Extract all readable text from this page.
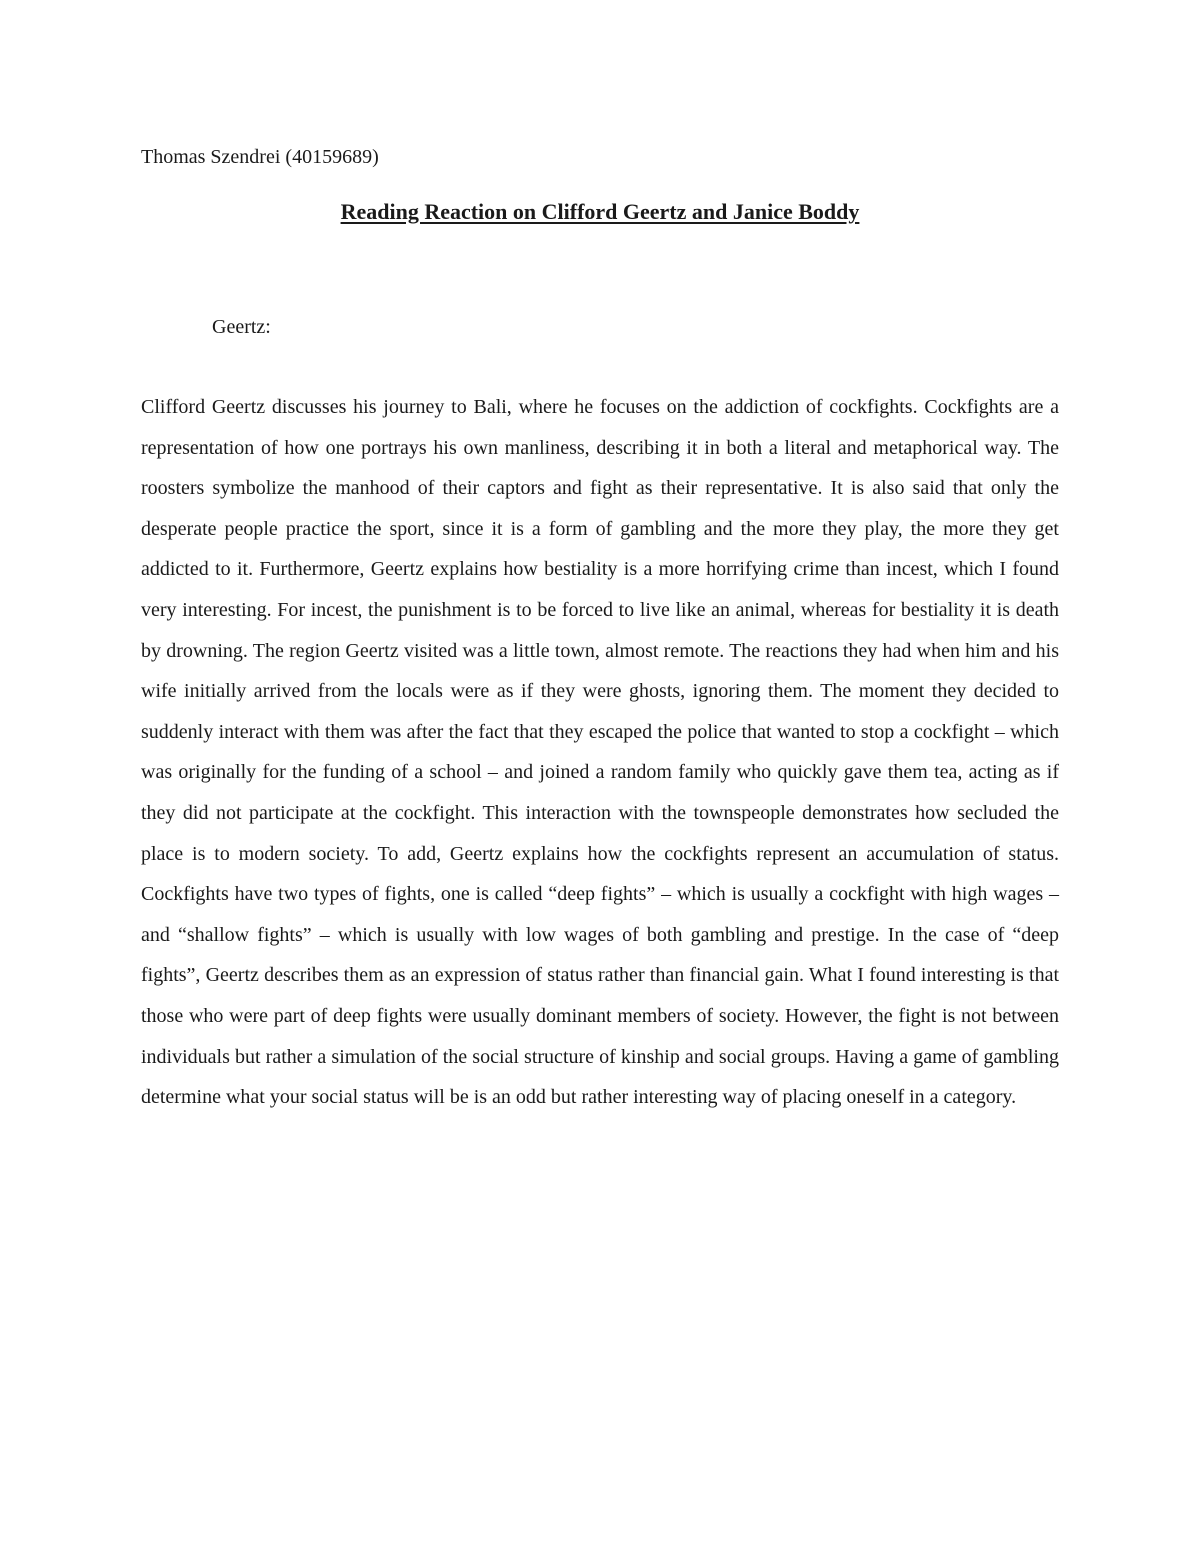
Thomas Szendrei (40159689)
Reading Reaction on Clifford Geertz and Janice Boddy
Geertz:

Clifford Geertz discusses his journey to Bali, where he focuses on the addiction of cockfights. Cockfights are a representation of how one portrays his own manliness, describing it in both a literal and metaphorical way. The roosters symbolize the manhood of their captors and fight as their representative. It is also said that only the desperate people practice the sport, since it is a form of gambling and the more they play, the more they get addicted to it. Furthermore, Geertz explains how bestiality is a more horrifying crime than incest, which I found very interesting. For incest, the punishment is to be forced to live like an animal, whereas for bestiality it is death by drowning. The region Geertz visited was a little town, almost remote. The reactions they had when him and his wife initially arrived from the locals were as if they were ghosts, ignoring them. The moment they decided to suddenly interact with them was after the fact that they escaped the police that wanted to stop a cockfight – which was originally for the funding of a school – and joined a random family who quickly gave them tea, acting as if they did not participate at the cockfight. This interaction with the townspeople demonstrates how secluded the place is to modern society. To add, Geertz explains how the cockfights represent an accumulation of status. Cockfights have two types of fights, one is called “deep fights” – which is usually a cockfight with high wages – and “shallow fights” – which is usually with low wages of both gambling and prestige. In the case of “deep fights”, Geertz describes them as an expression of status rather than financial gain. What I found interesting is that those who were part of deep fights were usually dominant members of society. However, the fight is not between individuals but rather a simulation of the social structure of kinship and social groups. Having a game of gambling determine what your social status will be is an odd but rather interesting way of placing oneself in a category.
